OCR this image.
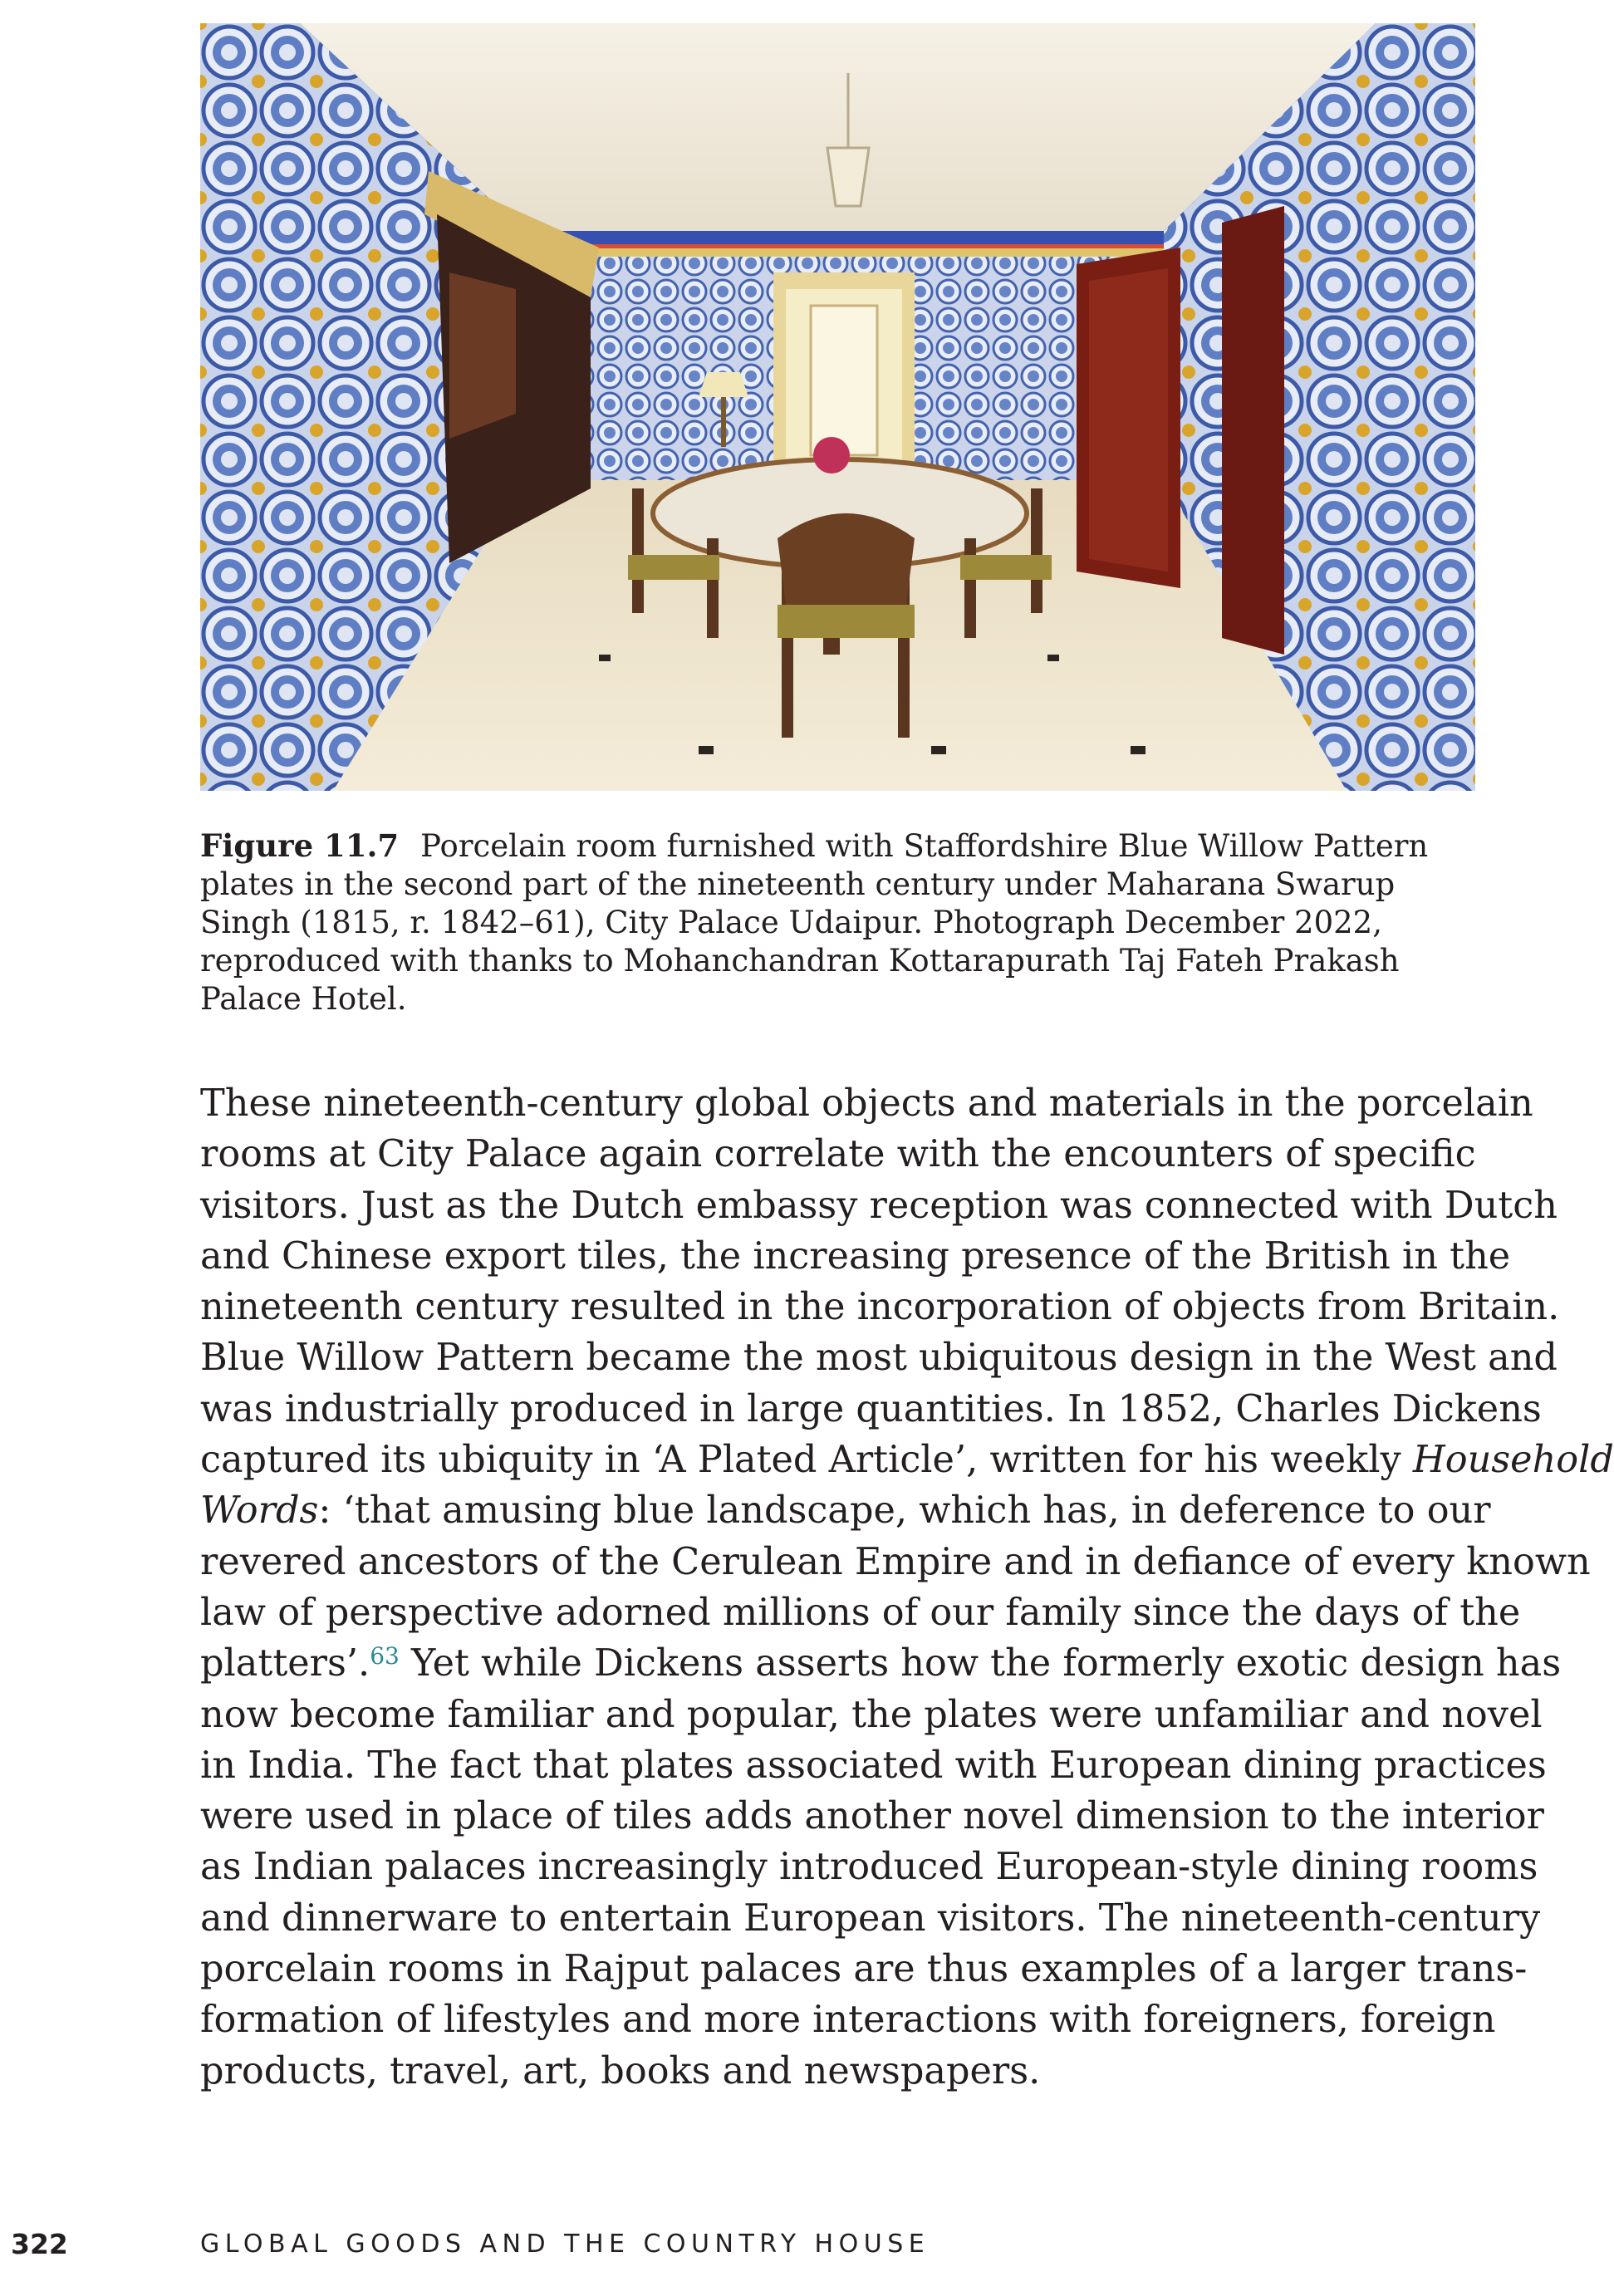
Figure 11.7 Porcelain room furnished with Staffordshire Blue Willow Pattern
plates in the second part of the nineteenth century under Maharana Swarup
Singh (1815, r. 1842–61), City Palace Udaipur. Photograph December 2022,
reproduced with thanks to Mohanchandran Kottarapurath Taj Fateh Prakash
Palace Hotel.
These nineteenth-century global objects and materials in the porcelain
rooms at City Palace again correlate with the encounters of specific
visitors. Just as the Dutch embassy reception was connected with Dutch
and Chinese export tiles, the increasing presence of the British in the
nineteenth century resulted in the incorporation of objects from Britain.
Blue Willow Pattern became the most ubiquitous design in the West and
was industrially produced in large quantities. In 1852, Charles Dickens
captured its ubiquity in ‘A Plated Article’, written for his weekly Household
Words: ‘that amusing blue landscape, which has, in deference to our
revered ancestors of the Cerulean Empire and in defiance of every known
law of perspective adorned millions of our family since the days of the
platters’.$^{63}$ Yet while Dickens asserts how the formerly exotic design has
now become familiar and popular, the plates were unfamiliar and novel
in India. The fact that plates associated with European dining practices
were used in place of tiles adds another novel dimension to the interior
as Indian palaces increasingly introduced European-style dining rooms
and dinnerware to entertain European visitors. The nineteenth-century
porcelain rooms in Rajput palaces are thus examples of a larger trans-
formation of lifestyles and more interactions with foreigners, foreign
products, travel, art, books and newspapers.
322	GLOBAL GOODS AND THE COUNTRY HOUSE
